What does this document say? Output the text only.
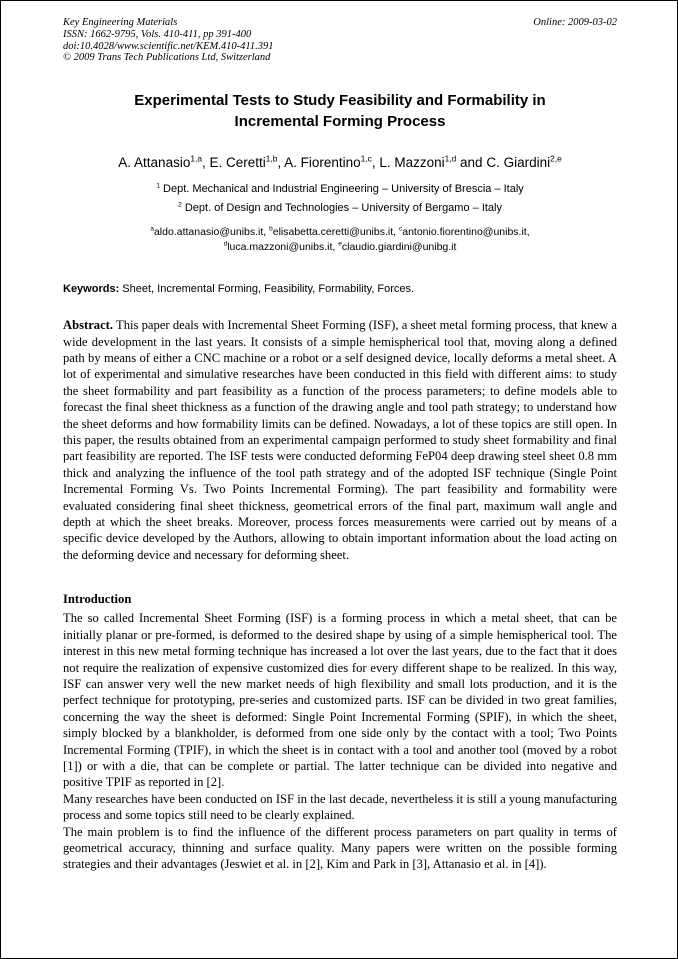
Key Engineering Materials
ISSN: 1662-9795, Vols. 410-411, pp 391-400
doi:10.4028/www.scientific.net/KEM.410-411.391
© 2009 Trans Tech Publications Ltd, Switzerland
Online: 2009-03-02
Experimental Tests to Study Feasibility and Formability in Incremental Forming Process
A. Attanasio$^{1,a}$, E. Ceretti$^{1,b}$, A. Fiorentino$^{1,c}$, L. Mazzoni$^{1,d}$ and C. Giardini$^{2,e}$
$^1$ Dept. Mechanical and Industrial Engineering – University of Brescia – Italy
$^2$ Dept. of Design and Technologies – University of Bergamo – Italy
$^a$aldo.attanasio@unibs.it, $^b$elisabetta.ceretti@unibs.it, $^c$antonio.fiorentino@unibs.it,
$^d$luca.mazzoni@unibs.it, $^e$claudio.giardini@unibg.it

Keywords: Sheet, Incremental Forming, Feasibility, Formability, Forces.

Abstract. This paper deals with Incremental Sheet Forming (ISF), a sheet metal forming process, that knew a wide development in the last years. It consists of a simple hemispherical tool that, moving along a defined path by means of either a CNC machine or a robot or a self designed device, locally deforms a metal sheet. A lot of experimental and simulative researches have been conducted in this field with different aims: to study the sheet formability and part feasibility as a function of the process parameters; to define models able to forecast the final sheet thickness as a function of the drawing angle and tool path strategy; to understand how the sheet deforms and how formability limits can be defined. Nowadays, a lot of these topics are still open. In this paper, the results obtained from an experimental campaign performed to study sheet formability and final part feasibility are reported. The ISF tests were conducted deforming FeP04 deep drawing steel sheet 0.8 mm thick and analyzing the influence of the tool path strategy and of the adopted ISF technique (Single Point Incremental Forming Vs. Two Points Incremental Forming). The part feasibility and formability were evaluated considering final sheet thickness, geometrical errors of the final part, maximum wall angle and depth at which the sheet breaks. Moreover, process forces measurements were carried out by means of a specific device developed by the Authors, allowing to obtain important information about the load acting on the deforming device and necessary for deforming sheet.

Introduction

The so called Incremental Sheet Forming (ISF) is a forming process in which a metal sheet, that can be initially planar or pre-formed, is deformed to the desired shape by using of a simple hemispherical tool. The interest in this new metal forming technique has increased a lot over the last years, due to the fact that it does not require the realization of expensive customized dies for every different shape to be realized. In this way, ISF can answer very well the new market needs of high flexibility and small lots production, and it is the perfect technique for prototyping, pre-series and customized parts. ISF can be divided in two great families, concerning the way the sheet is deformed: Single Point Incremental Forming (SPIF), in which the sheet, simply blocked by a blankholder, is deformed from one side only by the contact with a tool; Two Points Incremental Forming (TPIF), in which the sheet is in contact with a tool and another tool (moved by a robot [1]) or with a die, that can be complete or partial. The latter technique can be divided into negative and positive TPIF as reported in [2].

Many researches have been conducted on ISF in the last decade, nevertheless it is still a young manufacturing process and some topics still need to be clearly explained.

The main problem is to find the influence of the different process parameters on part quality in terms of geometrical accuracy, thinning and surface quality. Many papers were written on the possible forming strategies and their advantages (Jeswiet et al. in [2], Kim and Park in [3], Attanasio et al. in [4]).
